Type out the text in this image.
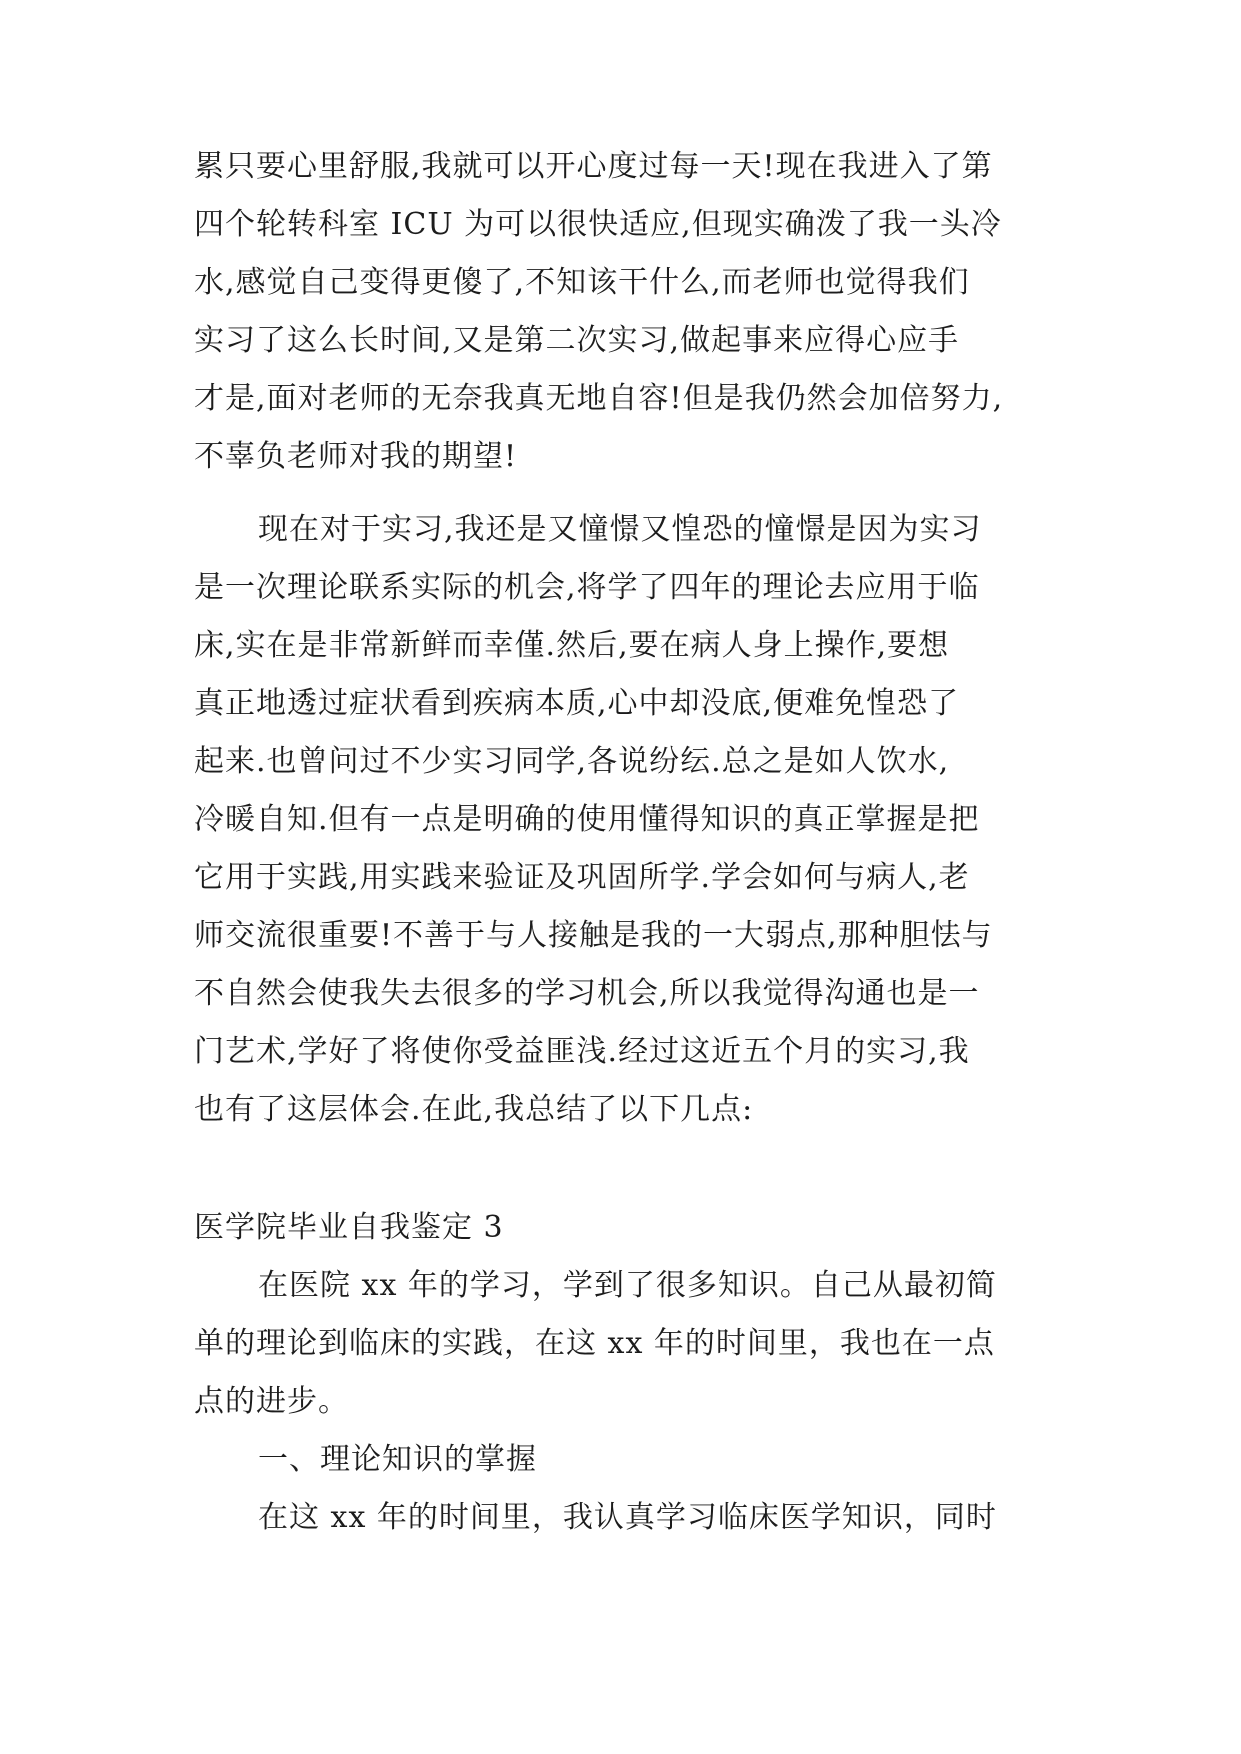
累只要心里舒服,我就可以开心度过每一天!现在我进入了第
四个轮转科室 ICU 为可以很快适应,但现实确泼了我一头冷
水,感觉自己变得更傻了,不知该干什么,而老师也觉得我们
实习了这么长时间,又是第二次实习,做起事来应得心应手
才是,面对老师的无奈我真无地自容!但是我仍然会加倍努力,
不辜负老师对我的期望!
现在对于实习,我还是又憧憬又惶恐的憧憬是因为实习
是一次理论联系实际的机会,将学了四年的理论去应用于临
床,实在是非常新鲜而幸僅.然后,要在病人身上操作,要想
真正地透过症状看到疾病本质,心中却没底,便难免惶恐了
起来.也曾问过不少实习同学,各说纷纭.总之是如人饮水,
冷暖自知.但有一点是明确的使用懂得知识的真正掌握是把
它用于实践,用实践来验证及巩固所学.学会如何与病人,老
师交流很重要!不善于与人接触是我的一大弱点,那种胆怯与
不自然会使我失去很多的学习机会,所以我觉得沟通也是一
门艺术,学好了将使你受益匪浅.经过这近五个月的实习,我
也有了这层体会.在此,我总结了以下几点:
医学院毕业自我鉴定 3
在医院 xx 年的学习，学到了很多知识。自己从最初简
单的理论到临床的实践，在这 xx 年的时间里，我也在一点
点的进步。
一、理论知识的掌握
在这 xx 年的时间里，我认真学习临床医学知识，同时
